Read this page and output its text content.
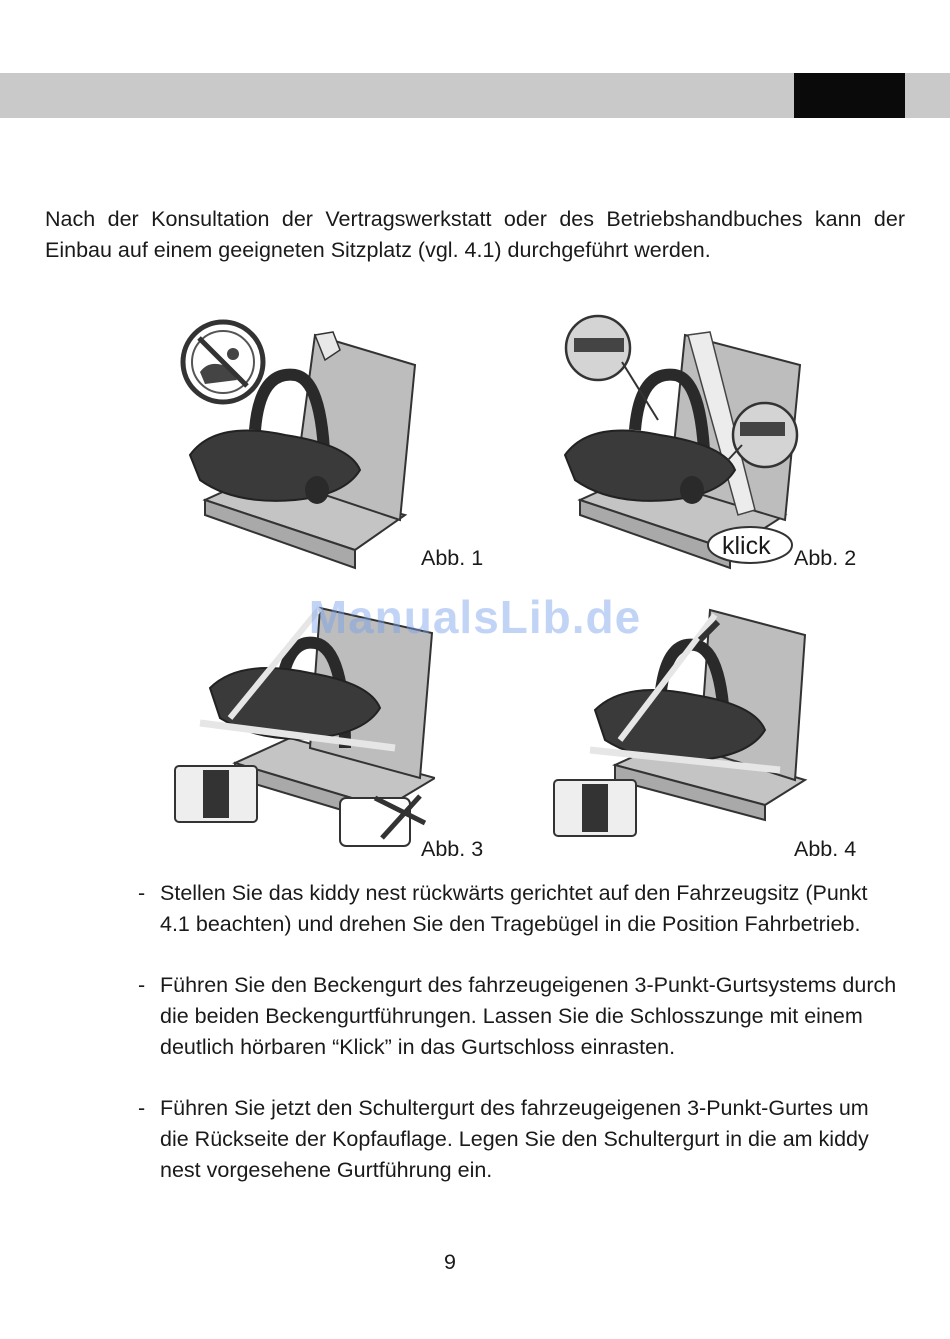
Nach der Konsultation der Vertragswerkstatt oder des Betriebshandbuches kann der Einbau auf einem geeigneten Sitzplatz (vgl. 4.1) durchgeführt werden.

Abb. 1	klick Abb. 2
Abb. 3	Abb. 4
ManualsLib.de
- Stellen Sie das kiddy nest rückwärts gerichtet auf den Fahrzeugsitz (Punkt 4.1 beachten) und drehen Sie den Tragebügel in die Position Fahrbetrieb.
- Führen Sie den Beckengurt des fahrzeugeigenen 3-Punkt-Gurtsystems durch die beiden Beckengurtführungen. Lassen Sie die Schlosszunge mit einem deutlich hörbaren “Klick” in das Gurtschloss einrasten.
- Führen Sie jetzt den Schultergurt des fahrzeugeigenen 3-Punkt-Gurtes um die Rückseite der Kopfauflage. Legen Sie den Schultergurt in die am kiddy nest vorgesehene Gurtführung ein.
9
